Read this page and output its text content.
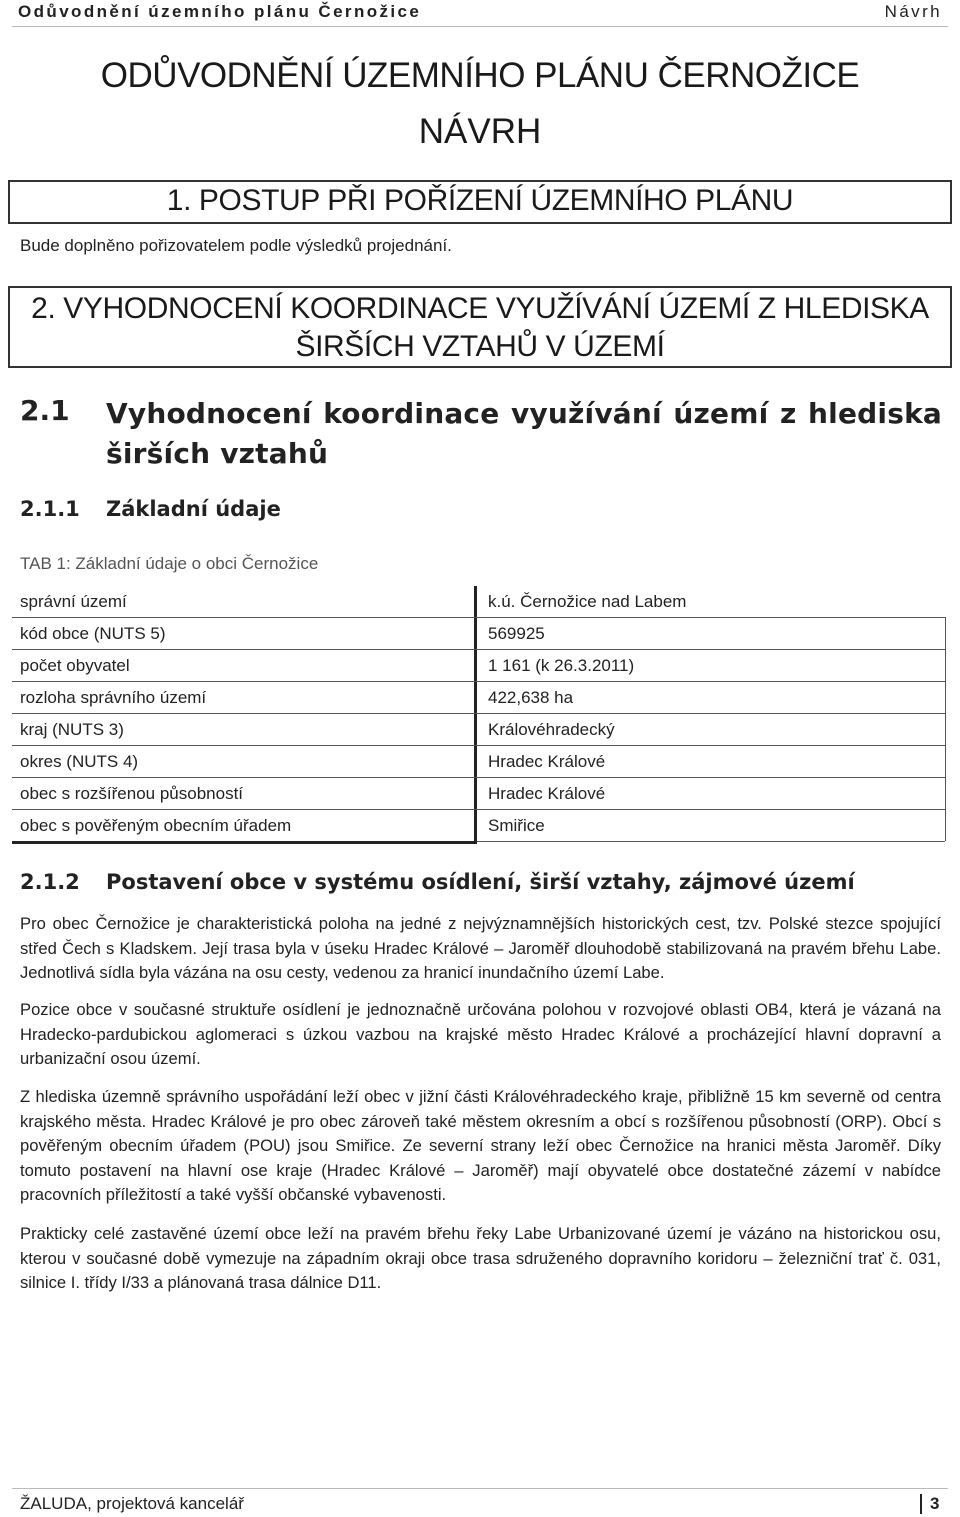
Odůvodnění územního plánu Černožice	Návrh
ODŮVODNĚNÍ ÚZEMNÍHO PLÁNU ČERNOŽICE
NÁVRH
1. POSTUP PŘI POŘÍZENÍ ÚZEMNÍHO PLÁNU
Bude doplněno pořizovatelem podle výsledků projednání.
2. VYHODNOCENÍ KOORDINACE VYUŽÍVÁNÍ ÚZEMÍ Z HLEDISKA
ŠIRŠÍCH VZTAHŮ V ÚZEMÍ
2.1 Vyhodnocení koordinace využívání území z hlediska širších vztahů
2.1.1 Základní údaje
TAB 1: Základní údaje o obci Černožice
správní území	k.ú. Černožice nad Labem
kód obce (NUTS 5)	569925
počet obyvatel	1 161 (k 26.3.2011)
rozloha správního území	422,638 ha
kraj (NUTS 3)	Královéhradecký
okres (NUTS 4)	Hradec Králové
obec s rozšířenou působností	Hradec Králové
obec s pověřeným obecním úřadem	Smiřice
2.1.2 Postavení obce v systému osídlení, širší vztahy, zájmové území

Pro obec Černožice je charakteristická poloha na jedné z nejvýznamnějších historických cest, tzv. Polské stezce spojující střed Čech s Kladskem. Její trasa byla v úseku Hradec Králové – Jaroměř dlouhodobě stabilizovaná na pravém břehu Labe. Jednotlivá sídla byla vázána na osu cesty, vedenou za hranicí inundačního území Labe.

Pozice obce v současné struktuře osídlení je jednoznačně určována polohou v rozvojové oblasti OB4, která je vázaná na Hradecko-pardubickou aglomeraci s úzkou vazbou na krajské město Hradec Králové a procházející hlavní dopravní a urbanizační osou území.

Z hlediska územně správního uspořádání leží obec v jižní části Královéhradeckého kraje, přibližně 15 km severně od centra krajského města. Hradec Králové je pro obec zároveň také městem okresním a obcí s rozšířenou působností (ORP). Obcí s pověřeným obecním úřadem (POU) jsou Smiřice. Ze severní strany leží obec Černožice na hranici města Jaroměř. Díky tomuto postavení na hlavní ose kraje (Hradec Králové – Jaroměř) mají obyvatelé obce dostatečné zázemí v nabídce pracovních příležitostí a také vyšší občanské vybavenosti.

Prakticky celé zastavěné území obce leží na pravém břehu řeky Labe Urbanizované území je vázáno na historickou osu, kterou v současné době vymezuje na západním okraji obce trasa sdruženého dopravního koridoru – železniční trať č. 031, silnice I. třídy I/33 a plánovaná trasa dálnice D11.

ŽALUDA, projektová kancelář	3
